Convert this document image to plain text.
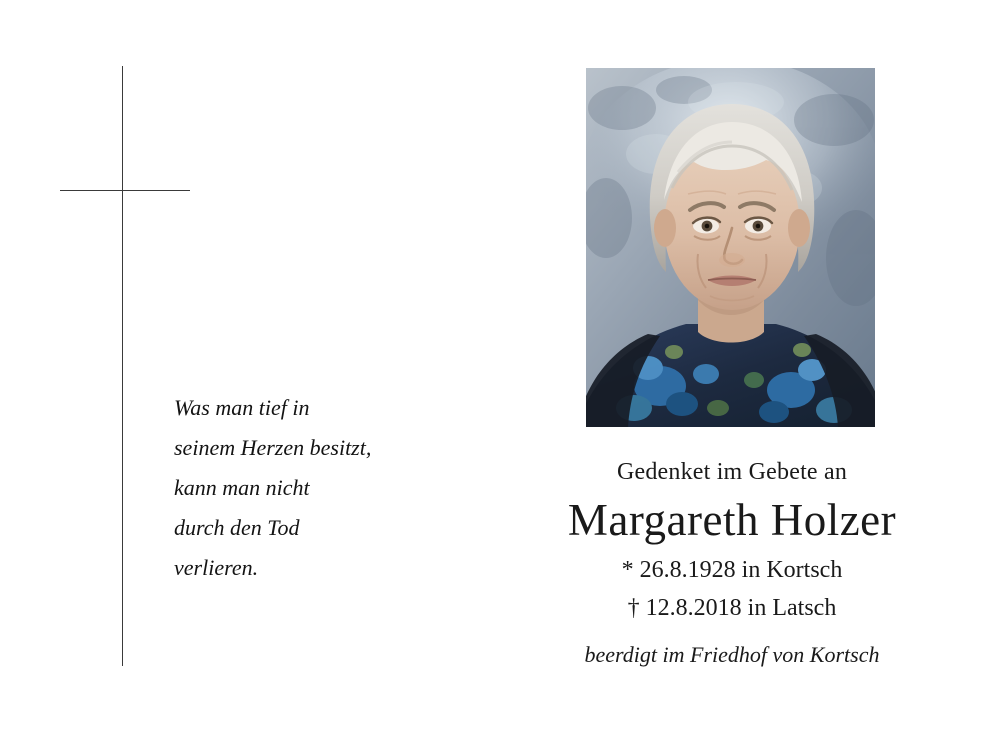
Was man tief in
seinem Herzen besitzt,
kann man nicht
durch den Tod
verlieren.
Gedenket im Gebete an
Margareth Holzer
* 26.8.1928 in Kortsch
† 12.8.2018 in Latsch
beerdigt im Friedhof von Kortsch
